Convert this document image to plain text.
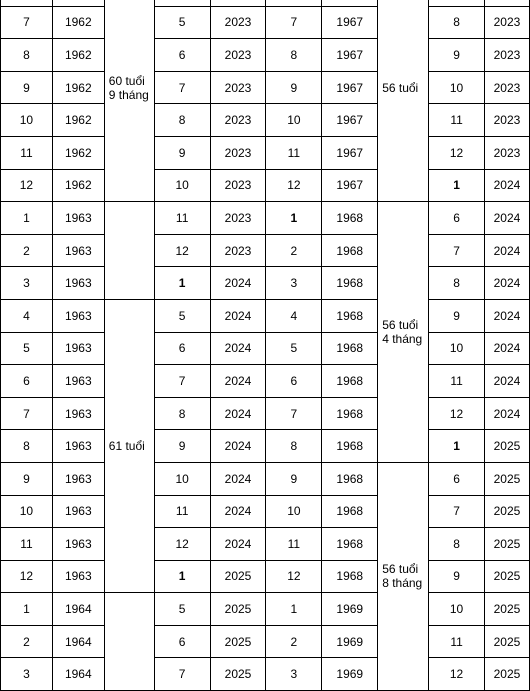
60 tuổi 9 tháng					56 tuổi

7	1962		5	2023	7	1967		8	2023
8	1962		6	2023	8	1967		9	2023
9	1962		7	2023	9	1967		10	2023
10	1962		8	2023	10	1967		11	2023
11	1962		9	2023	11	1967		12	2023
12	1962		10	2023	12	1967		1	2024
1	1963		11	2023	1	1968	56 tuổi 4 tháng	6	2024
2	1963		12	2023	2	1968		7	2024
3	1963		1	2024	3	1968		8	2024
4	1963	61 tuổi	5	2024	4	1968		9	2024
5	1963		6	2024	5	1968		10	2024
6	1963		7	2024	6	1968		11	2024
7	1963		8	2024	7	1968		12	2024
8	1963		9	2024	8	1968		1	2025
9	1963		10	2024	9	1968	56 tuổi 8 tháng	6	2025
10	1963		11	2024	10	1968		7	2025
11	1963		12	2024	11	1968		8	2025
12	1963		1	2025	12	1968		9	2025
1	1964		5	2025	1	1969		10	2025
2	1964		6	2025	2	1969		11	2025
3	1964		7	2025	3	1969		12	2025
